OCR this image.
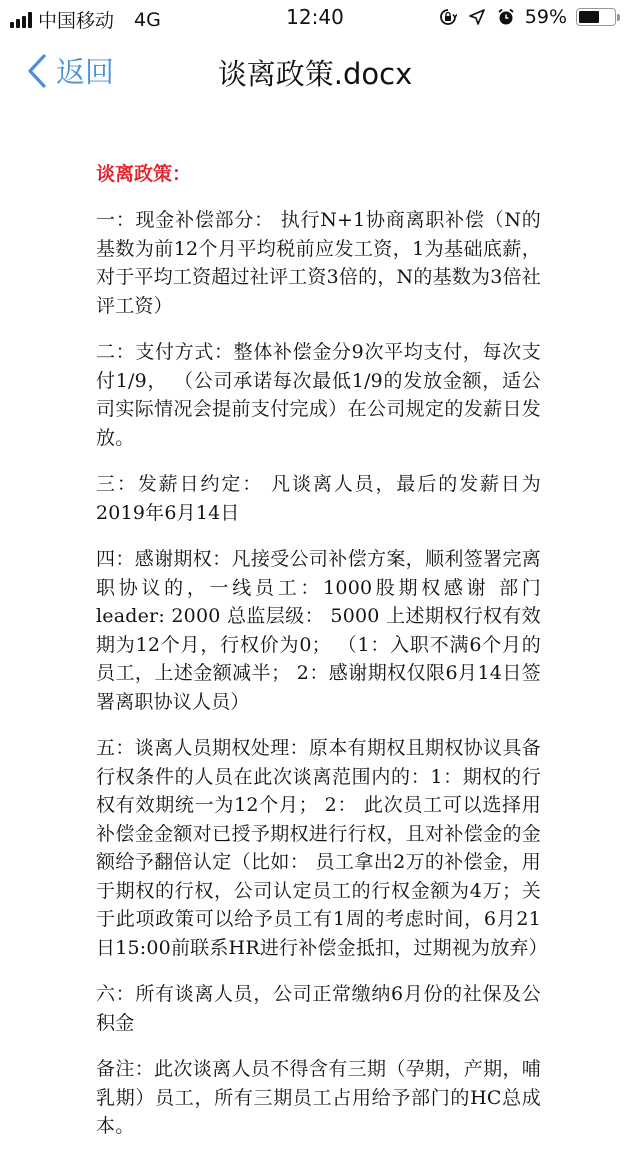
中国移动 4G	12:40	59%
返回	谈离政策.docx

谈离政策：

一：现金补偿部分： 执行N+1协商离职补偿（N的基数为前12个月平均税前应发工资，1为基础底薪，对于平均工资超过社评工资3倍的，N的基数为3倍社评工资）

二：支付方式：整体补偿金分9次平均支付，每次支付1/9， （公司承诺每次最低1/9的发放金额，适公司实际情况会提前支付完成）在公司规定的发薪日发放。

三：发薪日约定： 凡谈离人员，最后的发薪日为2019年6月14日

四：感谢期权：凡接受公司补偿方案，顺利签署完离职协议的，一线员工：1000股期权感谢 部门leader: 2000 总监层级： 5000 上述期权行权有效期为12个月，行权价为0； （1：入职不满6个月的员工，上述金额减半； 2：感谢期权仅限6月14日签署离职协议人员）

五：谈离人员期权处理：原本有期权且期权协议具备行权条件的人员在此次谈离范围内的：1：期权的行权有效期统一为12个月； 2： 此次员工可以选择用补偿金金额对已授予期权进行行权，且对补偿金的金额给予翻倍认定（比如： 员工拿出2万的补偿金，用于期权的行权，公司认定员工的行权金额为4万；关于此项政策可以给予员工有1周的考虑时间，6月21日15:00前联系HR进行补偿金抵扣，过期视为放弃）

六：所有谈离人员，公司正常缴纳6月份的社保及公积金

备注：此次谈离人员不得含有三期（孕期，产期，哺乳期）员工，所有三期员工占用给予部门的HC总成本。
